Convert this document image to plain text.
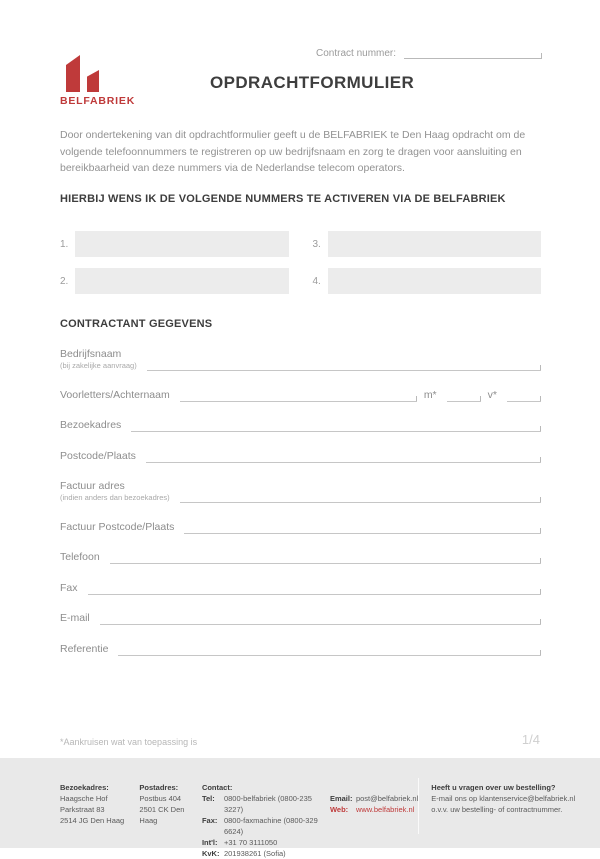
BELFABRIEK
Contract nummer:
OPDRACHTFORMULIER
Door ondertekening van dit opdrachtformulier geeft u de BELFABRIEK te Den Haag opdracht om de volgende telefoonnummers te registreren op uw bedrijfsnaam en zorg te dragen voor aansluiting en bereikbaarheid van deze nummers via de Nederlandse telecom operators.
HIERBIJ WENS IK DE VOLGENDE NUMMERS TE ACTIVEREN VIA DE BELFABRIEK
1.	3.
2.	4.
CONTRACTANT GEGEVENS
Bedrijfsnaam
(bij zakelijke aanvraag)
Voorletters/Achternaam	m*	v*
Bezoekadres
Postcode/Plaats
Factuur adres
(indien anders dan bezoekadres)
Factuur Postcode/Plaats
Telefoon
Fax
E-mail
Referentie
*Aankruisen wat van toepassing is	1/4
Bezoekadres:
Haagsche Hof
Parkstraat 83
2514 JG Den Haag
Postadres:
Postbus 404
2501 CK Den Haag
Contact:
Tel:	0800-belfabriek (0800-235 3227)
Fax: 0800-faxmachine (0800-329 6624)
Int'l: +31 70 3111050
KvK: 201938261 (Sofia)
Email: post@belfabriek.nl
Web:	www.belfabriek.nl
Heeft u vragen over uw bestelling?
E-mail ons op klantenservice@belfabriek.nl
o.v.v. uw bestelling- of contractnummer.
